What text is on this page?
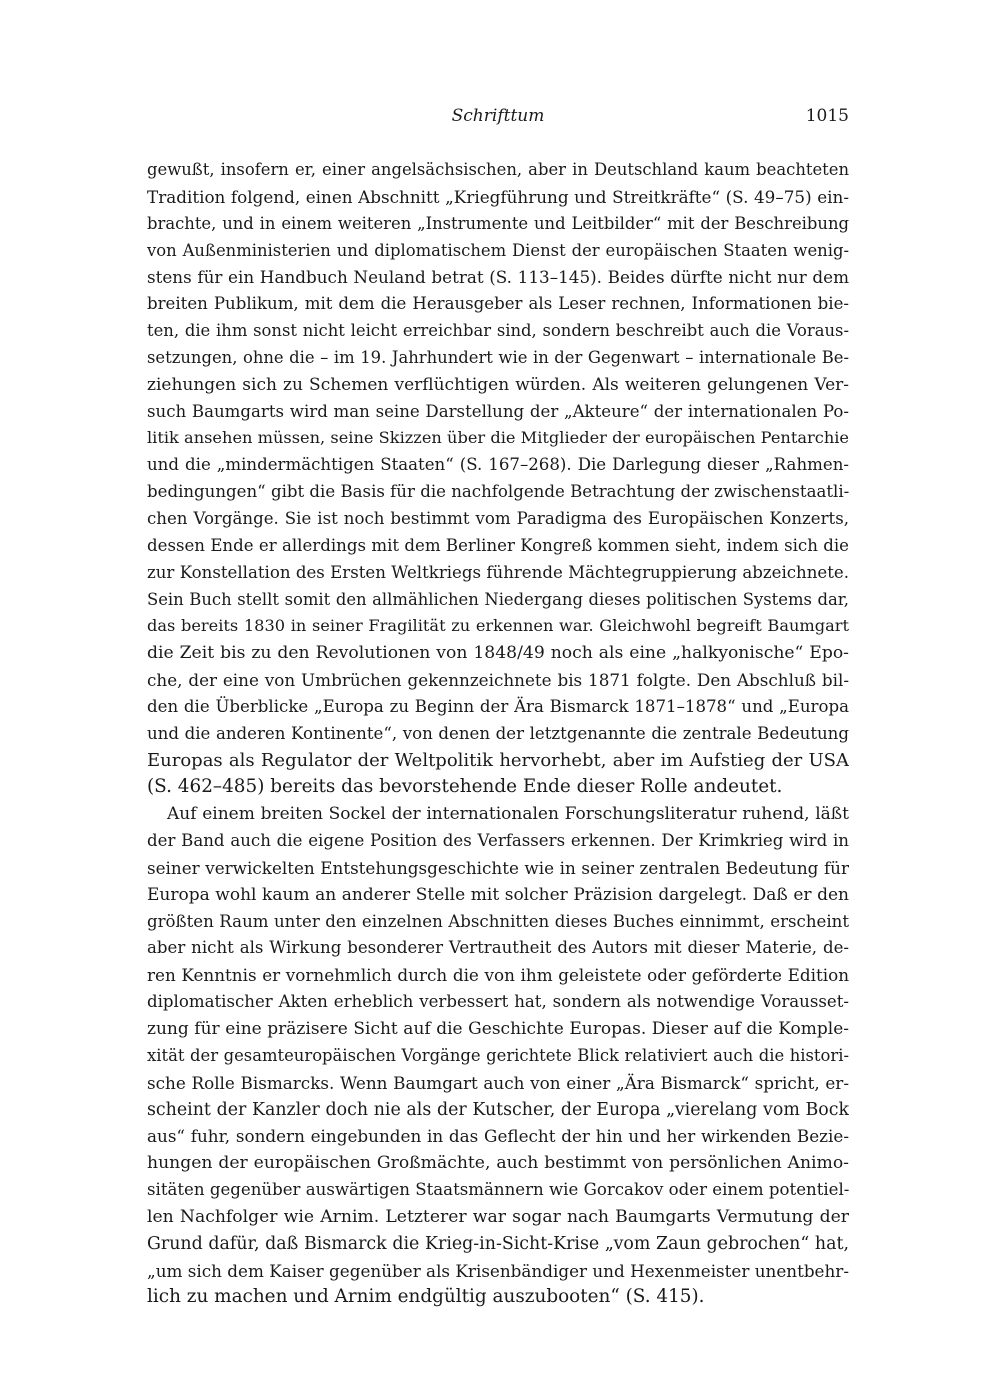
Schrifttum	1015
gewußt, insofern er, einer angelsächsischen, aber in Deutschland kaum beachteten
Tradition folgend, einen Abschnitt „Kriegführung und Streitkräfte“ (S. 49–75) ein-
brachte, und in einem weiteren „Instrumente und Leitbilder“ mit der Beschreibung
von Außenministerien und diplomatischem Dienst der europäischen Staaten wenig-
stens für ein Handbuch Neuland betrat (S. 113–145). Beides dürfte nicht nur dem
breiten Publikum, mit dem die Herausgeber als Leser rechnen, Informationen bie-
ten, die ihm sonst nicht leicht erreichbar sind, sondern beschreibt auch die Voraus-
setzungen, ohne die – im 19. Jahrhundert wie in der Gegenwart – internationale Be-
ziehungen sich zu Schemen verflüchtigen würden. Als weiteren gelungenen Ver-
such Baumgarts wird man seine Darstellung der „Akteure“ der internationalen Po-
litik ansehen müssen, seine Skizzen über die Mitglieder der europäischen Pentarchie
und die „mindermächtigen Staaten“ (S. 167–268). Die Darlegung dieser „Rahmen-
bedingungen“ gibt die Basis für die nachfolgende Betrachtung der zwischenstaatli-
chen Vorgänge. Sie ist noch bestimmt vom Paradigma des Europäischen Konzerts,
dessen Ende er allerdings mit dem Berliner Kongreß kommen sieht, indem sich die
zur Konstellation des Ersten Weltkriegs führende Mächtegruppierung abzeichnete.
Sein Buch stellt somit den allmählichen Niedergang dieses politischen Systems dar,
das bereits 1830 in seiner Fragilität zu erkennen war. Gleichwohl begreift Baumgart
die Zeit bis zu den Revolutionen von 1848/49 noch als eine „halkyonische“ Epo-
che, der eine von Umbrüchen gekennzeichnete bis 1871 folgte. Den Abschluß bil-
den die Überblicke „Europa zu Beginn der Ära Bismarck 1871–1878“ und „Europa
und die anderen Kontinente“, von denen der letztgenannte die zentrale Bedeutung
Europas als Regulator der Weltpolitik hervorhebt, aber im Aufstieg der USA
(S. 462–485) bereits das bevorstehende Ende dieser Rolle andeutet.
Auf einem breiten Sockel der internationalen Forschungsliteratur ruhend, läßt
der Band auch die eigene Position des Verfassers erkennen. Der Krimkrieg wird in
seiner verwickelten Entstehungsgeschichte wie in seiner zentralen Bedeutung für
Europa wohl kaum an anderer Stelle mit solcher Präzision dargelegt. Daß er den
größten Raum unter den einzelnen Abschnitten dieses Buches einnimmt, erscheint
aber nicht als Wirkung besonderer Vertrautheit des Autors mit dieser Materie, de-
ren Kenntnis er vornehmlich durch die von ihm geleistete oder geförderte Edition
diplomatischer Akten erheblich verbessert hat, sondern als notwendige Vorausset-
zung für eine präzisere Sicht auf die Geschichte Europas. Dieser auf die Komple-
xität der gesamteuropäischen Vorgänge gerichtete Blick relativiert auch die histori-
sche Rolle Bismarcks. Wenn Baumgart auch von einer „Ära Bismarck“ spricht, er-
scheint der Kanzler doch nie als der Kutscher, der Europa „vierelang vom Bock
aus“ fuhr, sondern eingebunden in das Geflecht der hin und her wirkenden Bezie-
hungen der europäischen Großmächte, auch bestimmt von persönlichen Animo-
sitäten gegenüber auswärtigen Staatsmännern wie Gorcakov oder einem potentiel-
len Nachfolger wie Arnim. Letzterer war sogar nach Baumgarts Vermutung der
Grund dafür, daß Bismarck die Krieg-in-Sicht-Krise „vom Zaun gebrochen“ hat,
„um sich dem Kaiser gegenüber als Krisenbändiger und Hexenmeister unentbehr-
lich zu machen und Arnim endgültig auszubooten“ (S. 415).
